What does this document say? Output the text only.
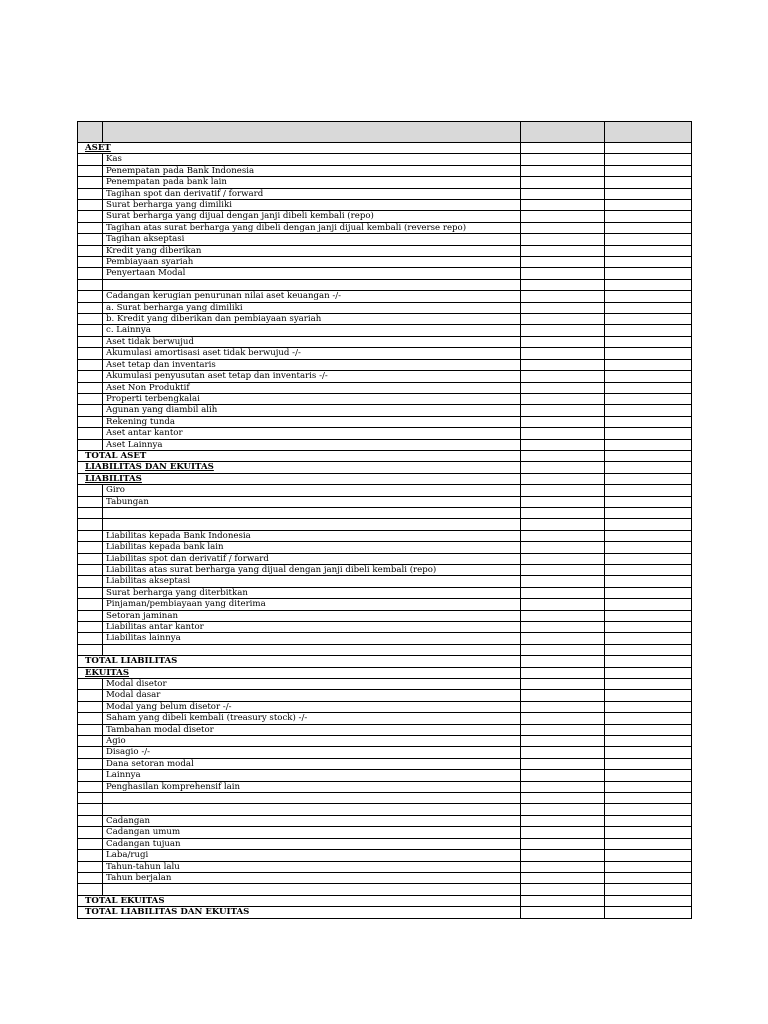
ASET			
	Kas		
	Penempatan pada Bank Indonesia		
	Penempatan pada bank lain		
	Tagihan spot dan derivatif / forward		
	Surat berharga yang dimiliki		
	Surat berharga yang dijual dengan janji dibeli kembali (repo)		
	Tagihan atas surat berharga yang dibeli dengan janji dijual kembali (reverse repo)		
	Tagihan akseptasi		
	Kredit yang diberikan		
	Pembiayaan syariah		
	Penyertaan Modal		

	Cadangan kerugian penurunan nilai aset keuangan -/-		
	a. Surat berharga yang dimiliki		
	b. Kredit yang diberikan dan pembiayaan syariah		
	c. Lainnya		
	Aset tidak berwujud		
	Akumulasi amortisasi aset tidak berwujud -/-		
	Aset tetap dan inventaris		
	Akumulasi penyusutan aset tetap dan inventaris -/-		
	Aset Non Produktif		
	Properti terbengkalai		
	Agunan yang diambil alih		
	Rekening tunda		
	Aset antar kantor		
	Aset Lainnya		
TOTAL ASET			
LIABILITAS DAN EKUITAS			
LIABILITAS			
	Giro		
	Tabungan		

	Liabilitas kepada Bank Indonesia		
	Liabilitas kepada bank lain		
	Liabilitas spot dan derivatif / forward		
	Liabilitas atas surat berharga yang dijual dengan janji dibeli kembali (repo)		
	Liabilitas akseptasi		
	Surat berharga yang diterbitkan		
	Pinjaman/pembiayaan yang diterima		
	Setoran jaminan		
	Liabilitas antar kantor		
	Liabilitas lainnya		

TOTAL LIABILITAS			
EKUITAS			
	Modal disetor		
	Modal dasar		
	Modal yang belum disetor -/-		
	Saham yang dibeli kembali (treasury stock) -/-		
	Tambahan modal disetor		
	Agio		
	Disagio -/-		
	Dana setoran modal		
	Lainnya		
	Penghasilan komprehensif lain		

	Cadangan		
	Cadangan umum		
	Cadangan tujuan		
	Laba/rugi		
	Tahun-tahun lalu		
	Tahun berjalan		

TOTAL EKUITAS			
TOTAL LIABILITAS DAN EKUITAS			
